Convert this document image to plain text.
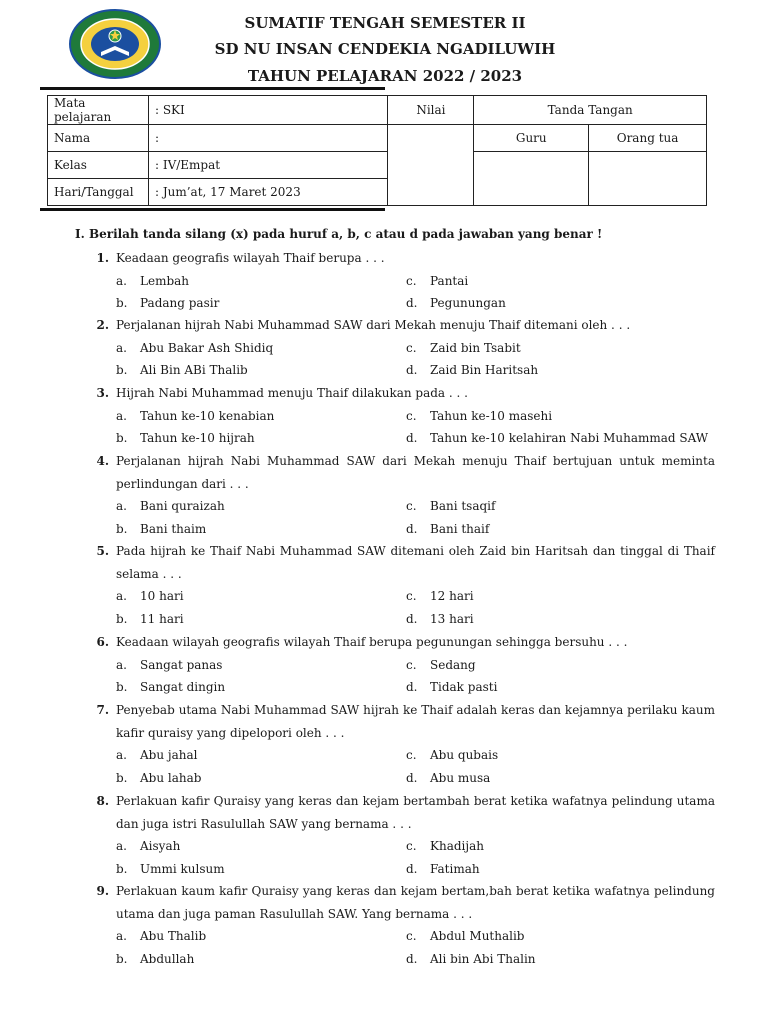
SUMATIF TENGAH SEMESTER II
SD NU INSAN CENDEKIA NGADILUWIH
TAHUN PELAJARAN 2022 / 2023
Mata pelajaran	: SKI	Nilai	Tanda Tangan	
Nama	:		Guru	Orang tua
Kelas	: IV/Empat			
Hari/Tanggal	: Jum’at, 17 Maret 2023			
I. Berilah tanda silang (x) pada huruf a, b, c atau d pada jawaban yang benar !
1. Keadaan geografis wilayah Thaif berupa . . .
a. Lembah
b. Padang pasir
c. Pantai
d. Pegunungan
2. Perjalanan hijrah Nabi Muhammad SAW dari Mekah menuju Thaif ditemani oleh . . .
a. Abu Bakar Ash Shidiq
b. Ali Bin ABi Thalib
c. Zaid bin Tsabit
d. Zaid Bin Haritsah
3. Hijrah Nabi Muhammad menuju Thaif dilakukan pada . . .
a. Tahun ke-10 kenabian
b. Tahun ke-10 hijrah
c. Tahun ke-10 masehi
d. Tahun ke-10 kelahiran Nabi Muhammad SAW
4. Perjalanan hijrah Nabi Muhammad SAW dari Mekah menuju Thaif bertujuan untuk meminta perlindungan dari . . .
a. Bani quraizah
b. Bani thaim
c. Bani tsaqif
d. Bani thaif
5. Pada hijrah ke Thaif Nabi Muhammad SAW ditemani oleh Zaid bin Haritsah dan tinggal di Thaif selama . . .
a. 10 hari
b. 11 hari
c. 12 hari
d. 13 hari
6. Keadaan wilayah geografis wilayah Thaif berupa pegunungan sehingga bersuhu . . .
a. Sangat panas
b. Sangat dingin
c. Sedang
d. Tidak pasti
7. Penyebab utama Nabi Muhammad SAW hijrah ke Thaif adalah keras dan kejamnya perilaku kaum kafir quraisy yang dipelopori oleh . . .
a. Abu jahal
b. Abu lahab
c. Abu qubais
d. Abu musa
8. Perlakuan kafir Quraisy yang keras dan kejam bertambah berat ketika wafatnya pelindung utama dan juga istri Rasulullah SAW yang bernama . . .
a. Aisyah
b. Ummi kulsum
c. Khadijah
d. Fatimah
9. Perlakuan kaum kafir Quraisy yang keras dan kejam bertam,bah berat ketika wafatnya pelindung utama dan juga paman Rasulullah SAW. Yang bernama . . .
a. Abu Thalib
b. Abdullah
c. Abdul Muthalib
d. Ali bin Abi Thalin
